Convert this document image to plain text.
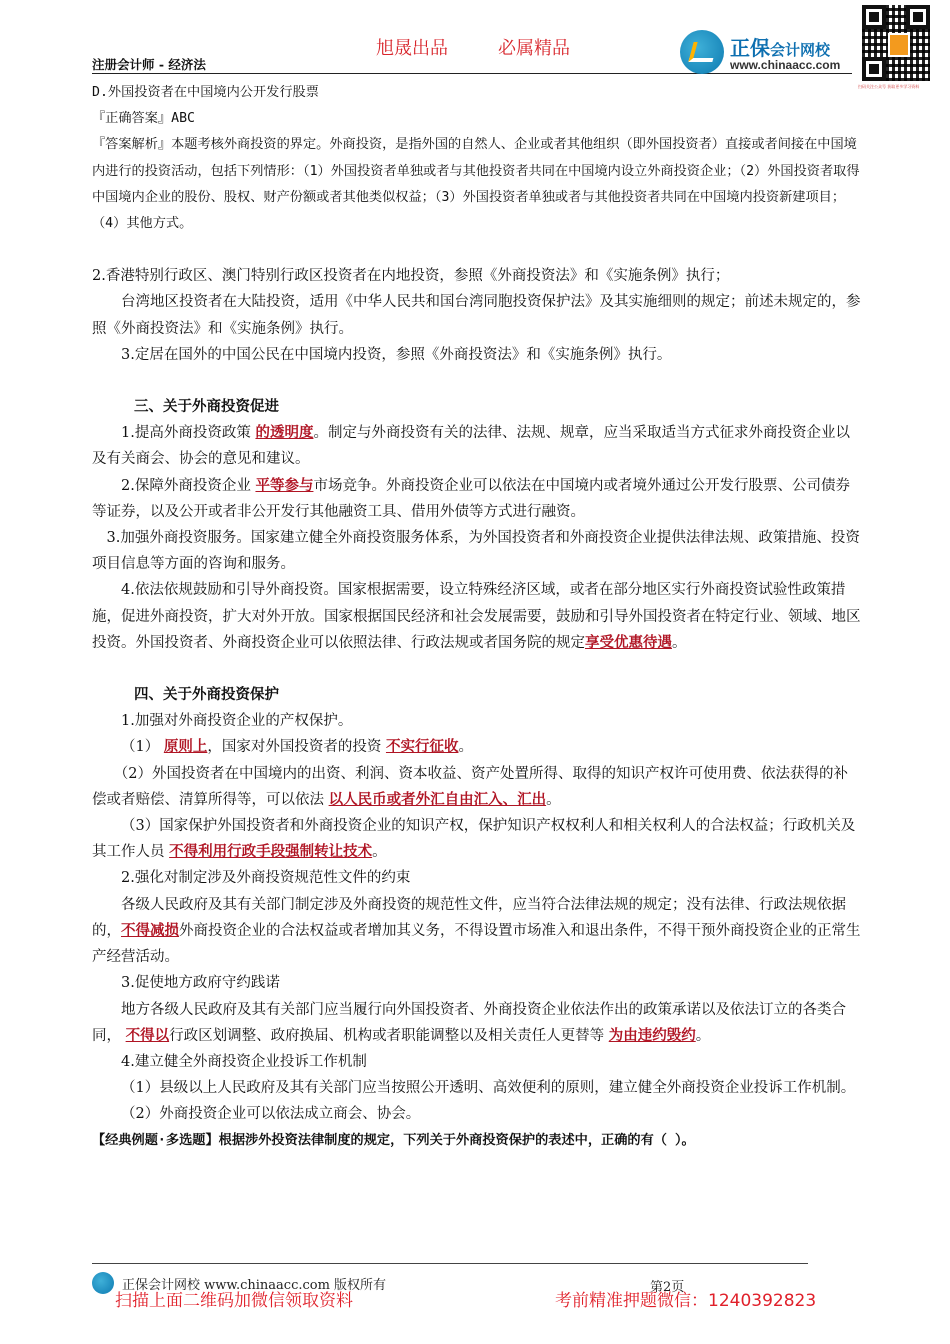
旭晟出品	必属精品
注册会计师 - 经济法
正保会计网校
www.chinaacc.com
扫码关注公众号 获取更多学习资料

D.外国投资者在中国境内公开发行股票

『正确答案』ABC

『答案解析』本题考核外商投资的界定。外商投资，是指外国的自然人、企业或者其他组织（即外国投资者）直接或者间接在中国境内进行的投资活动，包括下列情形：（1）外国投资者单独或者与其他投资者共同在中国境内设立外商投资企业；（2）外国投资者取得中国境内企业的股份、股权、财产份额或者其他类似权益；（3）外国投资者单独或者与其他投资者共同在中国境内投资新建项目；（4）其他方式。

2.香港特别行政区、澳门特别行政区投资者在内地投资，参照《外商投资法》和《实施条例》执行；

台湾地区投资者在大陆投资，适用《中华人民共和国台湾同胞投资保护法》及其实施细则的规定；前述未规定的，参照《外商投资法》和《实施条例》执行。

3.定居在国外的中国公民在中国境内投资，参照《外商投资法》和《实施条例》执行。

三、关于外商投资促进

1.提高外商投资政策 的透明度。制定与外商投资有关的法律、法规、规章，应当采取适当方式征求外商投资企业以及有关商会、协会的意见和建议。

2.保障外商投资企业 平等参与市场竞争。外商投资企业可以依法在中国境内或者境外通过公开发行股票、公司债券等证券，以及公开或者非公开发行其他融资工具、借用外债等方式进行融资。

3.加强外商投资服务。国家建立健全外商投资服务体系，为外国投资者和外商投资企业提供法律法规、政策措施、投资项目信息等方面的咨询和服务。

4.依法依规鼓励和引导外商投资。国家根据需要，设立特殊经济区域，或者在部分地区实行外商投资试验性政策措施，促进外商投资，扩大对外开放。国家根据国民经济和社会发展需要，鼓励和引导外国投资者在特定行业、领域、地区投资。外国投资者、外商投资企业可以依照法律、行政法规或者国务院的规定享受优惠待遇。

四、关于外商投资保护

1.加强对外商投资企业的产权保护。

（1） 原则上，国家对外国投资者的投资 不实行征收。

（2）外国投资者在中国境内的出资、利润、资本收益、资产处置所得、取得的知识产权许可使用费、依法获得的补偿或者赔偿、清算所得等，可以依法 以人民币或者外汇自由汇入、汇出。

（3）国家保护外国投资者和外商投资企业的知识产权，保护知识产权权利人和相关权利人的合法权益；行政机关及其工作人员 不得利用行政手段强制转让技术。

2.强化对制定涉及外商投资规范性文件的约束

各级人民政府及其有关部门制定涉及外商投资的规范性文件，应当符合法律法规的规定；没有法律、行政法规依据的，不得减损外商投资企业的合法权益或者增加其义务，不得设置市场准入和退出条件，不得干预外商投资企业的正常生产经营活动。

3.促使地方政府守约践诺

地方各级人民政府及其有关部门应当履行向外国投资者、外商投资企业依法作出的政策承诺以及依法订立的各类合同， 不得以行政区划调整、政府换届、机构或者职能调整以及相关责任人更替等 为由违约毁约。

4.建立健全外商投资企业投诉工作机制

（1）县级以上人民政府及其有关部门应当按照公开透明、高效便利的原则，建立健全外商投资企业投诉工作机制。

（2）外商投资企业可以依法成立商会、协会。

【经典例题·多选题】根据涉外投资法律制度的规定，下列关于外商投资保护的表述中，正确的有（ ）。

正保会计网校 www.chinaacc.com 版权所有	第2页
扫描上面二维码加微信领取资料	考前精准押题微信：1240392823
